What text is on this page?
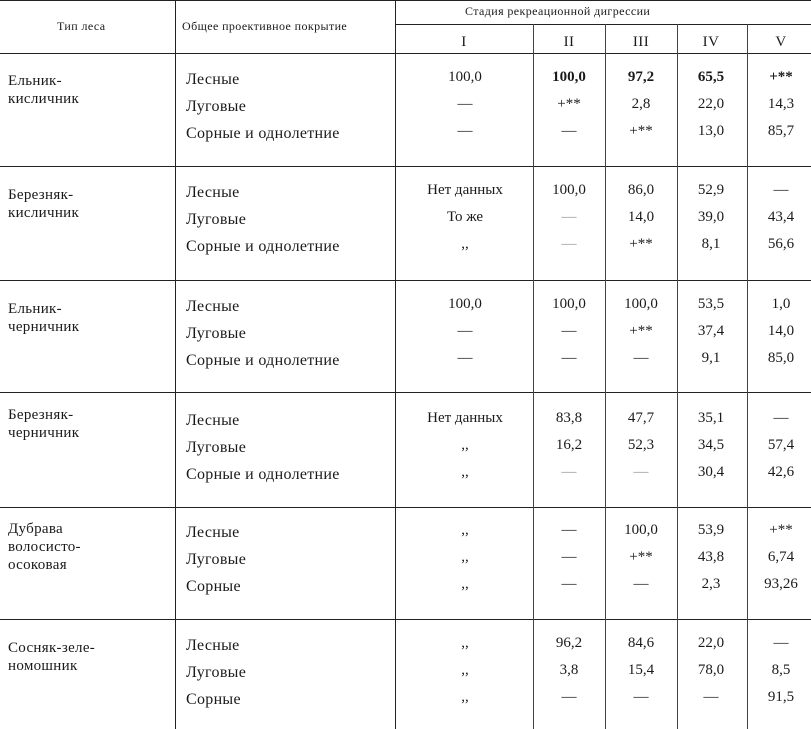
Тип леса	Общее проективное покрытие
Стадия рекреационной дигрессии
I	II	III	IV	V
Ельник-
кисличник
Лесные	100,0	100,0	97,2	65,5	+**
Луговые	—	+**	2,8	22,0	14,3
Сорные и однолетние	—	—	+**	13,0	85,7
Березняк-
кисличник
Лесные	Нет данных	100,0	86,0	52,9	—
Луговые	То же	—	14,0	39,0	43,4
Сорные и однолетние	,,	—	+**	8,1	56,6
Ельник-
черничник
Лесные	100,0	100,0	100,0	53,5	1,0
Луговые	—	—	+**	37,4	14,0
Сорные и однолетние	—	—	—	9,1	85,0
Березняк-
черничник
Лесные	Нет данных	83,8	47,7	35,1	—
Луговые	,,	16,2	52,3	34,5	57,4
Сорные и однолетние	,,	—	—	30,4	42,6
Дубрава
волосисто-
осоковая
Лесные	,,	—	100,0	53,9	+**
Луговые	,,	—	+**	43,8	6,74
Сорные	,,	—	—	2,3	93,26
Сосняк-зеле-
номошник
Лесные	,,	96,2	84,6	22,0	—
Луговые	,,	3,8	15,4	78,0	8,5
Сорные	,,	—	—	—	91,5
